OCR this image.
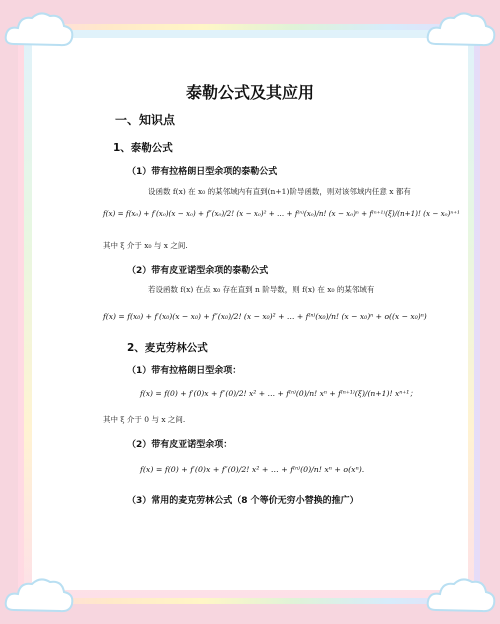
泰勒公式及其应用
一、知识点
1、泰勒公式
（1）带有拉格朗日型余项的泰勒公式
设函数 f(x) 在 x₀ 的某邻域内有直到(n+1)阶导函数，则对该邻域内任意 x 都有
f(x) = f(x₀) + f′(x₀)(x − x₀) + f″(x₀)/2! (x − x₀)² + … + f⁽ⁿ⁾(x₀)/n! (x − x₀)ⁿ + f⁽ⁿ⁺¹⁾(ξ)/(n+1)! (x − x₀)ⁿ⁺¹
其中 ξ 介于 x₀ 与 x 之间.
（2）带有皮亚诺型余项的泰勒公式
若设函数 f(x) 在点 x₀ 存在直到 n 阶导数，则 f(x) 在 x₀ 的某邻域有
f(x) = f(x₀) + f′(x₀)(x − x₀) + f″(x₀)/2! (x − x₀)² + … + f⁽ⁿ⁾(x₀)/n! (x − x₀)ⁿ + o((x − x₀)ⁿ)
2、麦克劳林公式
（1）带有拉格朗日型余项：
f(x) = f(0) + f′(0)x + f″(0)/2! x² + … + f⁽ⁿ⁾(0)/n! xⁿ + f⁽ⁿ⁺¹⁾(ξ)/(n+1)! xⁿ⁺¹；
其中 ξ 介于 0 与 x 之间.
（2）带有皮亚诺型余项：
f(x) = f(0) + f′(0)x + f″(0)/2! x² + … + f⁽ⁿ⁾(0)/n! xⁿ + o(xⁿ).
（3）常用的麦克劳林公式（8 个等价无穷小替换的推广）
